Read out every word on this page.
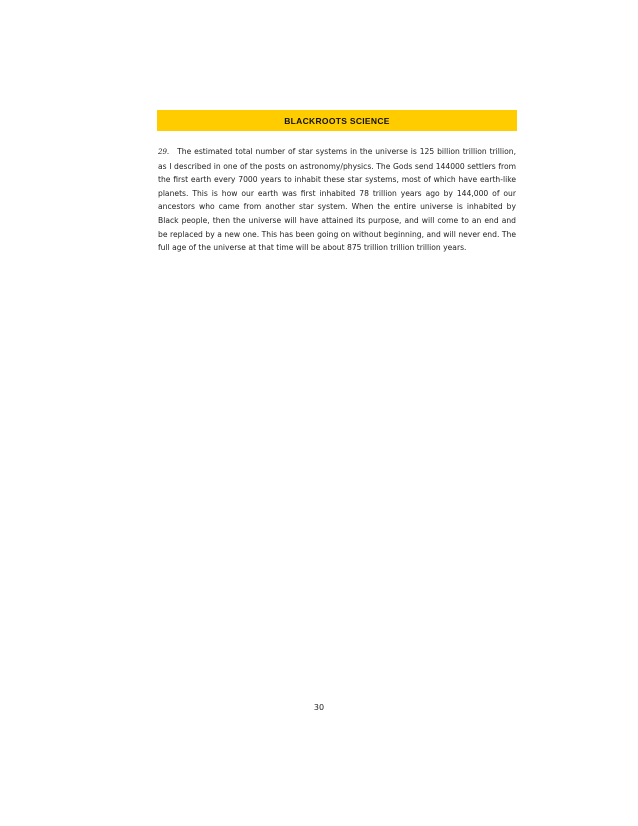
BLACKROOTS SCIENCE

29. The estimated total number of star systems in the universe is 125 billion trillion trillion, as I described in one of the posts on astronomy/physics. The Gods send 144000 settlers from the first earth every 7000 years to inhabit these star systems, most of which have earth-like planets. This is how our earth was first inhabited 78 trillion years ago by 144,000 of our ancestors who came from another star system. When the entire universe is inhabited by Black people, then the universe will have attained its purpose, and will come to an end and be replaced by a new one. This has been going on without beginning, and will never end. The full age of the universe at that time will be about 875 trillion trillion trillion years.

30
